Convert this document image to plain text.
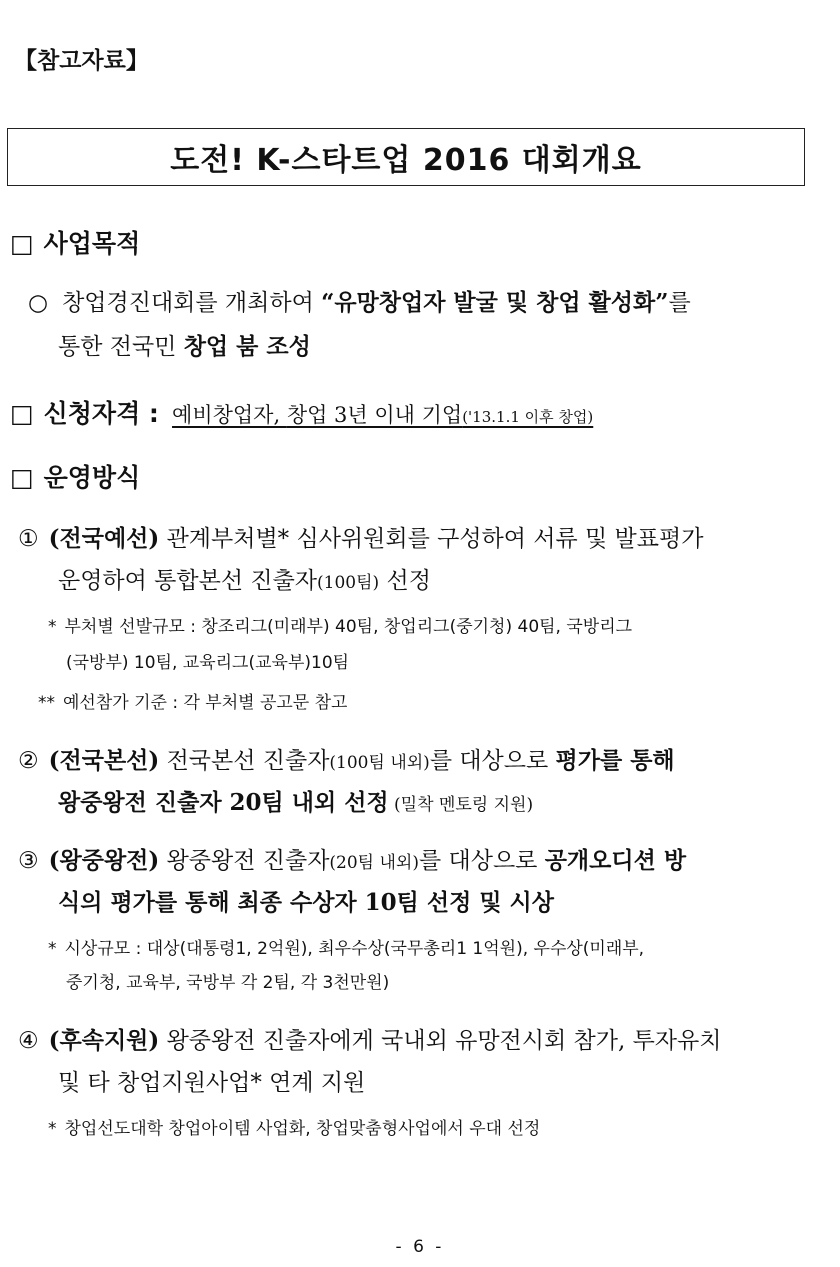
【참고자료】
도전! K-스타트업 2016 대회개요
□ 사업목적
○ 창업경진대회를 개최하여 “유망창업자 발굴 및 창업 활성화”를
통한 전국민 창업 붐 조성
□ 신청자격 : 예비창업자, 창업 3년 이내 기업('13.1.1 이후 창업)
□ 운영방식
① (전국예선) 관계부처별* 심사위원회를 구성하여 서류 및 발표평가
운영하여 통합본선 진출자(100팀) 선정
* 부처별 선발규모 : 창조리그(미래부) 40팀, 창업리그(중기청) 40팀, 국방리그
(국방부) 10팀, 교육리그(교육부)10팀
** 예선참가 기준 : 각 부처별 공고문 참고
② (전국본선) 전국본선 진출자(100팀 내외)를 대상으로 평가를 통해
왕중왕전 진출자 20팀 내외 선정 (밀착 멘토링 지원)
③ (왕중왕전) 왕중왕전 진출자(20팀 내외)를 대상으로 공개오디션 방
식의 평가를 통해 최종 수상자 10팀 선정 및 시상
* 시상규모 : 대상(대통령1, 2억원), 최우수상(국무총리1 1억원), 우수상(미래부,
중기청, 교육부, 국방부 각 2팀, 각 3천만원)
④ (후속지원) 왕중왕전 진출자에게 국내외 유망전시회 참가, 투자유치
및 타 창업지원사업* 연계 지원
* 창업선도대학 창업아이템 사업화, 창업맞춤형사업에서 우대 선정
- 6 -
